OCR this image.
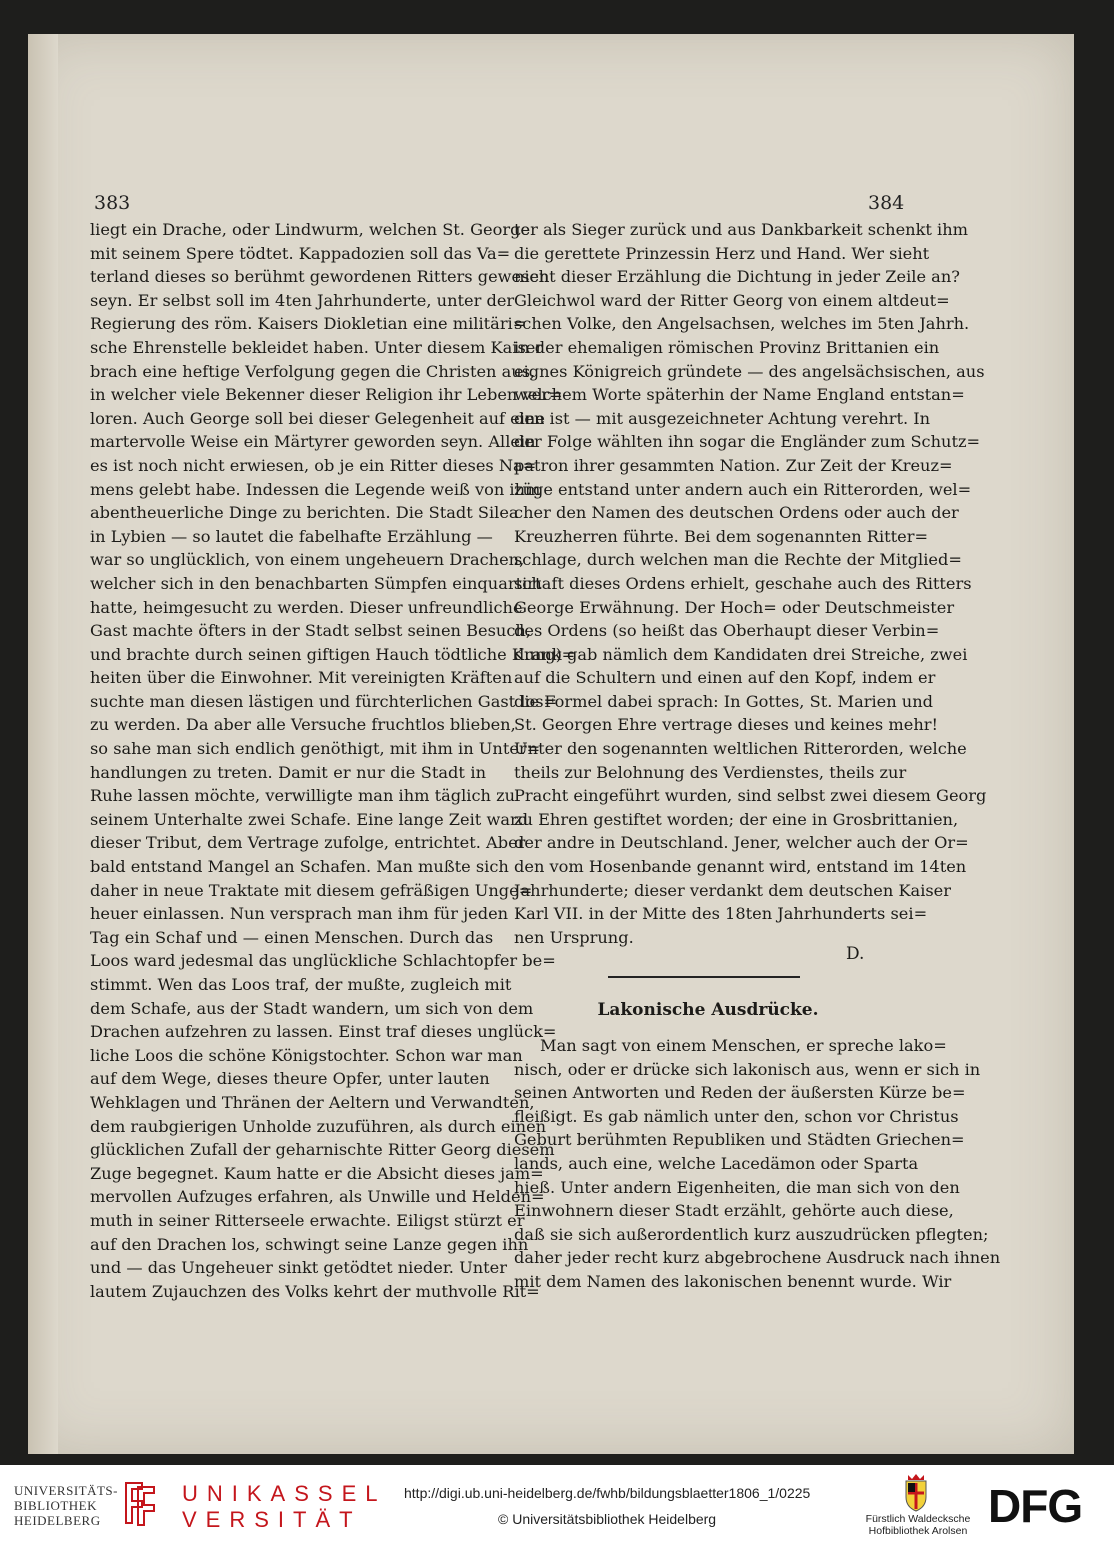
383	384
liegt ein Drache, oder Lindwurm, welchen St. George
mit seinem Spere tödtet. Kappadozien soll das Va=
terland dieses so berühmt gewordenen Ritters gewesen
seyn. Er selbst soll im 4ten Jahrhunderte, unter der
Regierung des röm. Kaisers Diokletian eine militäri=
sche Ehrenstelle bekleidet haben. Unter diesem Kaiser
brach eine heftige Verfolgung gegen die Christen aus,
in welcher viele Bekenner dieser Religion ihr Leben ver=
loren. Auch George soll bei dieser Gelegenheit auf eine
martervolle Weise ein Märtyrer geworden seyn. Allein
es ist noch nicht erwiesen, ob je ein Ritter dieses Na=
mens gelebt habe. Indessen die Legende weiß von ihm
abentheuerliche Dinge zu berichten. Die Stadt Silea
in Lybien — so lautet die fabelhafte Erzählung —
war so unglücklich, von einem ungeheuern Drachen,
welcher sich in den benachbarten Sümpfen einquartirt
hatte, heimgesucht zu werden. Dieser unfreundliche
Gast machte öfters in der Stadt selbst seinen Besuch,
und brachte durch seinen giftigen Hauch tödtliche Krank=
heiten über die Einwohner. Mit vereinigten Kräften
suchte man diesen lästigen und fürchterlichen Gast los=
zu werden. Da aber alle Versuche fruchtlos blieben,
so sahe man sich endlich genöthigt, mit ihm in Unter=
handlungen zu treten. Damit er nur die Stadt in
Ruhe lassen möchte, verwilligte man ihm täglich zu
seinem Unterhalte zwei Schafe. Eine lange Zeit ward
dieser Tribut, dem Vertrage zufolge, entrichtet. Aber
bald entstand Mangel an Schafen. Man mußte sich
daher in neue Traktate mit diesem gefräßigen Unge=
heuer einlassen. Nun versprach man ihm für jeden
Tag ein Schaf und — einen Menschen. Durch das
Loos ward jedesmal das unglückliche Schlachtopfer be=
stimmt. Wen das Loos traf, der mußte, zugleich mit
dem Schafe, aus der Stadt wandern, um sich von dem
Drachen aufzehren zu lassen. Einst traf dieses unglück=
liche Loos die schöne Königstochter. Schon war man
auf dem Wege, dieses theure Opfer, unter lauten
Wehklagen und Thränen der Aeltern und Verwandten,
dem raubgierigen Unholde zuzuführen, als durch einen
glücklichen Zufall der geharnischte Ritter Georg diesem
Zuge begegnet. Kaum hatte er die Absicht dieses jam=
mervollen Aufzuges erfahren, als Unwille und Helden=
muth in seiner Ritterseele erwachte. Eiligst stürzt er
auf den Drachen los, schwingt seine Lanze gegen ihn
und — das Ungeheuer sinkt getödtet nieder. Unter
lautem Zujauchzen des Volks kehrt der muthvolle Rit=
ter als Sieger zurück und aus Dankbarkeit schenkt ihm
die gerettete Prinzessin Herz und Hand. Wer sieht
nicht dieser Erzählung die Dichtung in jeder Zeile an?
Gleichwol ward der Ritter Georg von einem altdeut=
schen Volke, den Angelsachsen, welches im 5ten Jahrh.
in der ehemaligen römischen Provinz Brittanien ein
eignes Königreich gründete — des angelsächsischen, aus
welchem Worte späterhin der Name England entstan=
den ist — mit ausgezeichneter Achtung verehrt. In
der Folge wählten ihn sogar die Engländer zum Schutz=
patron ihrer gesammten Nation. Zur Zeit der Kreuz=
züge entstand unter andern auch ein Ritterorden, wel=
cher den Namen des deutschen Ordens oder auch der
Kreuzherren führte. Bei dem sogenannten Ritter=
schlage, durch welchen man die Rechte der Mitglied=
schaft dieses Ordens erhielt, geschahe auch des Ritters
George Erwähnung. Der Hoch= oder Deutschmeister
des Ordens (so heißt das Oberhaupt dieser Verbin=
dung) gab nämlich dem Kandidaten drei Streiche, zwei
auf die Schultern und einen auf den Kopf, indem er
die Formel dabei sprach: In Gottes, St. Marien und
St. Georgen Ehre vertrage dieses und keines mehr!
Unter den sogenannten weltlichen Ritterorden, welche
theils zur Belohnung des Verdienstes, theils zur
Pracht eingeführt wurden, sind selbst zwei diesem Georg
zu Ehren gestiftet worden; der eine in Grosbrittanien,
der andre in Deutschland. Jener, welcher auch der Or=
den vom Hosenbande genannt wird, entstand im 14ten
Jahrhunderte; dieser verdankt dem deutschen Kaiser
Karl VII. in der Mitte des 18ten Jahrhunderts sei=
nen Ursprung.
D.
Lakonische Ausdrücke.
Man sagt von einem Menschen, er spreche lako=
nisch, oder er drücke sich lakonisch aus, wenn er sich in
seinen Antworten und Reden der äußersten Kürze be=
fleißigt. Es gab nämlich unter den, schon vor Christus
Geburt berühmten Republiken und Städten Griechen=
lands, auch eine, welche Lacedämon oder Sparta
hieß. Unter andern Eigenheiten, die man sich von den
Einwohnern dieser Stadt erzählt, gehörte auch diese,
daß sie sich außerordentlich kurz auszudrücken pflegten;
daher jeder recht kurz abgebrochene Ausdruck nach ihnen
mit dem Namen des lakonischen benennt wurde. Wir
UNIVERSITÄTS-
BIBLIOTHEK
HEIDELBERG
UNIKASSEL
VERSITÄT
http://digi.ub.uni-heidelberg.de/fwhb/bildungsblaetter1806_1/0225
© Universitätsbibliothek Heidelberg	Fürstlich Waldecksche
Hofbibliothek Arolsen DFG
